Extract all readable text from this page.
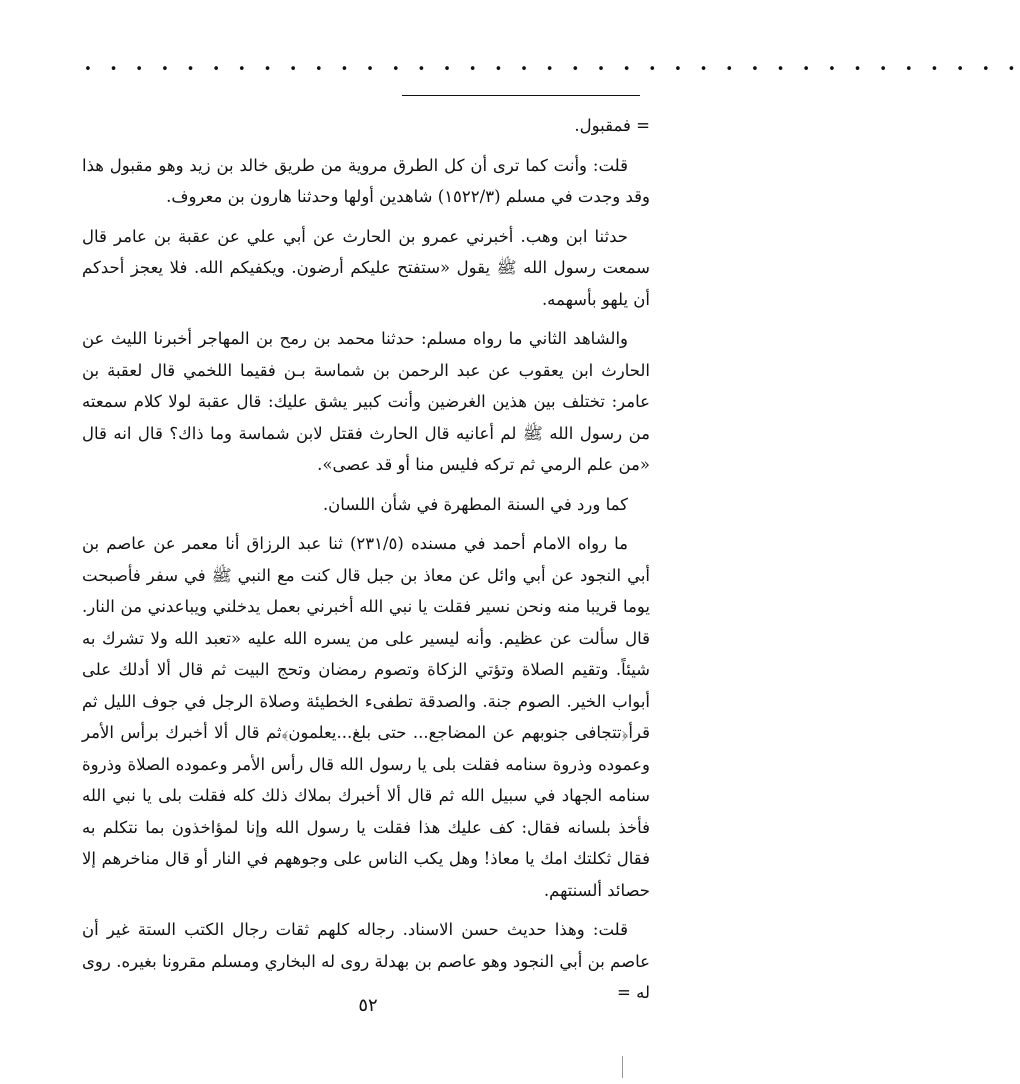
• • • • • • • • • • • • • • • • • • • • • • • • • • • • • • • • • • • • •

= فمقبول.

قلت: وأنت كما ترى أن كل الطرق مروية من طريق خالد بن زيد وهو مقبول هذا وقد وجدت في مسلم (١٥٢٢/٣) شاهدين أولها وحدثنا هارون بن معروف.

حدثنا ابن وهب. أخبرني عمرو بن الحارث عن أبي علي عن عقبة بن عامر قال سمعت رسول الله ﷺ يقول «ستفتح عليكم أرضون. ويكفيكم الله. فلا يعجز أحدكم أن يلهو بأسهمه.

والشاهد الثاني ما رواه مسلم: حدثنا محمد بن رمح بن المهاجر أخبرنا الليث عن الحارث ابن يعقوب عن عبد الرحمن بن شماسة بـن فقيما اللخمي قال لعقبة بن عامر: تختلف بين هذين الغرضين وأنت كبير يشق عليك: قال عقبة لولا كلام سمعته من رسول الله ﷺ لم أعانيه قال الحارث فقتل لابن شماسة وما ذاك؟ قال انه قال «من علم الرمي ثم تركه فليس منا أو قد عصى».

كما ورد في السنة المطهرة في شأن اللسان.

ما رواه الامام أحمد في مسنده (٢٣١/٥) ثنا عبد الرزاق أنا معمر عن عاصم بن أبي النجود عن أبي وائل عن معاذ بن جبل قال كنت مع النبي ﷺ في سفر فأصبحت يوما قريبا منه ونحن نسير فقلت يا نبي الله أخبرني بعمل يدخلني ويباعدني من النار. قال سألت عن عظيم. وأنه ليسير على من يسره الله عليه «تعبد الله ولا تشرك به شيئاً. وتقيم الصلاة وتؤتي الزكاة وتصوم رمضان وتحج البيت ثم قال ألا أدلك على أبواب الخير. الصوم جنة. والصدقة تطفىء الخطيئة وصلاة الرجل في جوف الليل ثم قرأ﴿تتجافى جنوبهم عن المضاجع... حتى بلغ...يعلمون﴾ثم قال ألا أخبرك برأس الأمر وعموده وذروة سنامه فقلت بلى يا رسول الله قال رأس الأمر وعموده الصلاة وذروة سنامه الجهاد في سبيل الله ثم قال ألا أخبرك بملاك ذلك كله فقلت بلى يا نبي الله فأخذ بلسانه فقال: كف عليك هذا فقلت يا رسول الله وإنا لمؤاخذون بما نتكلم به فقال ثكلتك امك يا معاذ! وهل يكب الناس على وجوههم في النار أو قال مناخرهم إلا حصائد ألسنتهم.

قلت: وهذا حديث حسن الاسناد. رجاله كلهم ثقات رجال الكتب الستة غير أن عاصم بن أبي النجود وهو عاصم بن بهدلة روى له البخاري ومسلم مقرونا بغيره. روى له =

٥٢
